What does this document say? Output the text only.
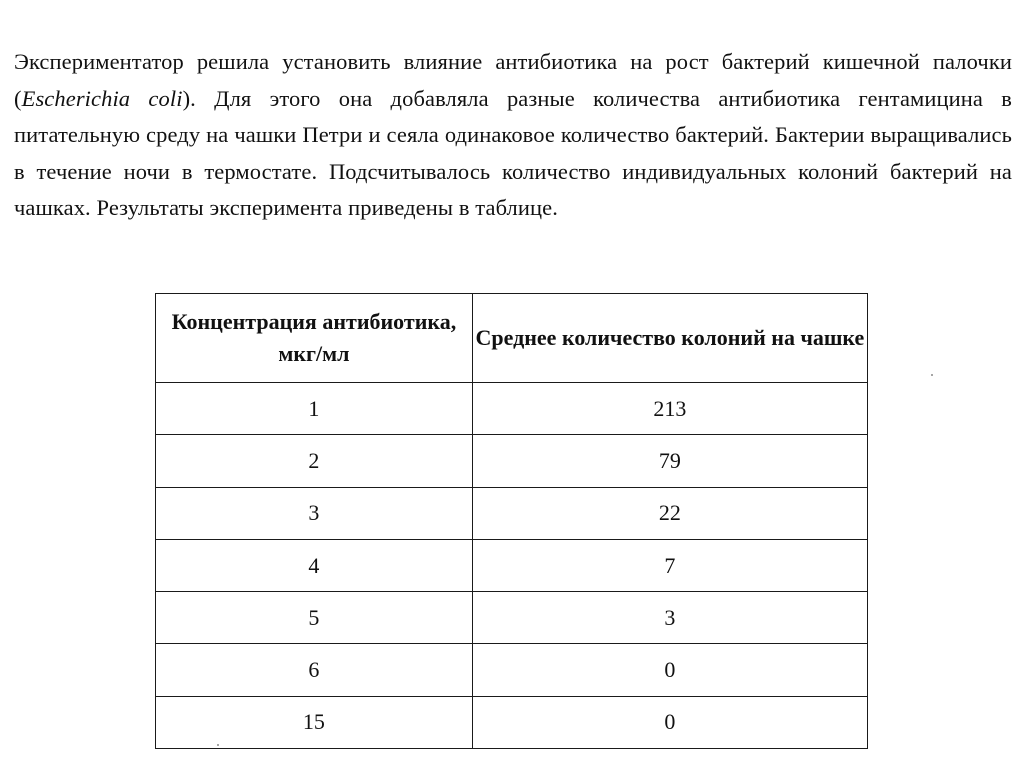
Экспериментатор решила установить влияние антибиотика на рост бактерий кишечной палочки (Escherichia coli). Для этого она добавляла разные количества антибиотика гентамицина в питательную среду на чашки Петри и сеяла одинаковое количество бактерий. Бактерии выращивались в течение ночи в термостате. Подсчитывалось количество индивидуальных колоний бактерий на чашках. Результаты эксперимента приведены в таблице.

Концентрация антибиотика, мкг/мл	Среднее количество колоний на чашке
1	213
2	79
3	22
4	7
5	3
6	0
15	0
